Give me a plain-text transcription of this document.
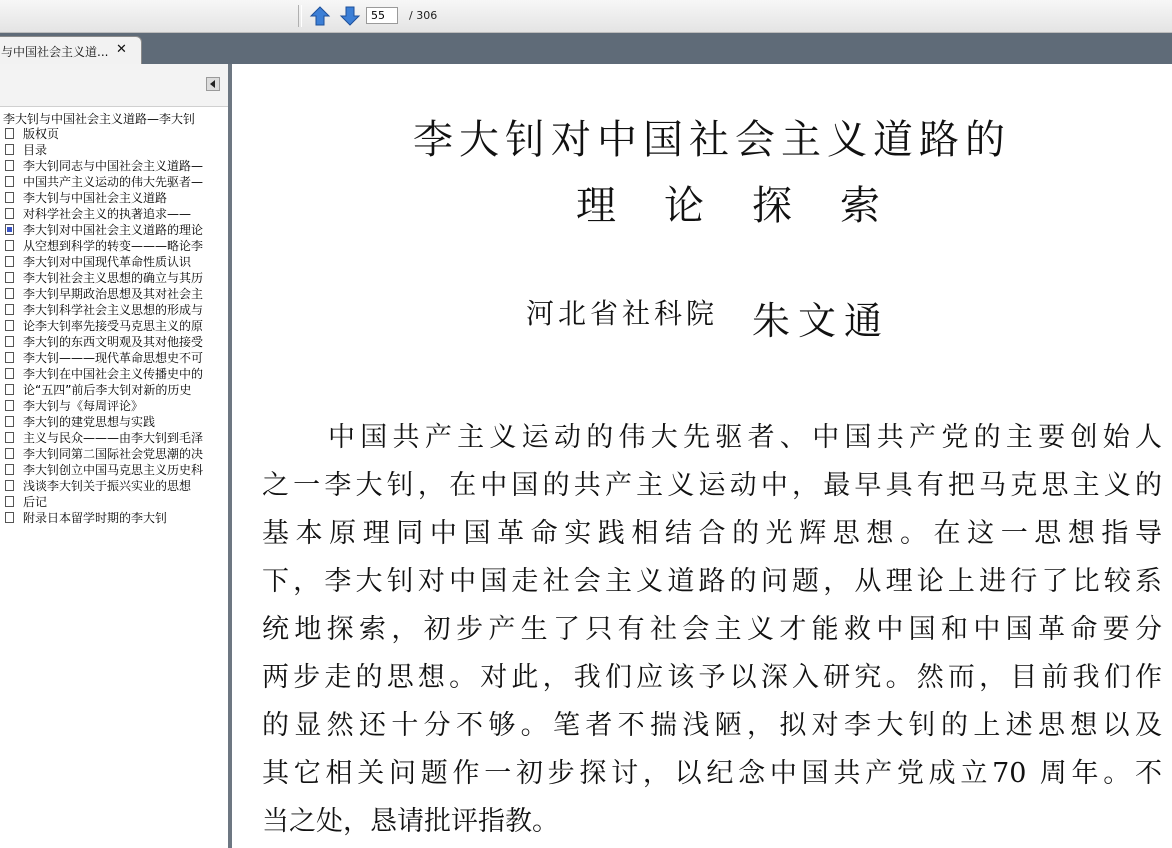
55
/ 306
与中国社会主义道... ✕
李大钊与中国社会主义道路—李大钊
版权页
目录
李大钊同志与中国社会主义道路—
中国共产主义运动的伟大先驱者—
李大钊与中国社会主义道路
对科学社会主义的执著追求——
李大钊对中国社会主义道路的理论
从空想到科学的转变———略论李
李大钊对中国现代革命性质认识
李大钊社会主义思想的确立与其历
李大钊早期政治思想及其对社会主
李大钊科学社会主义思想的形成与
论李大钊率先接受马克思主义的原
李大钊的东西文明观及其对他接受
李大钊———现代革命思想史不可
李大钊在中国社会主义传播史中的
论“五四”前后李大钊对新的历史
李大钊与《每周评论》
李大钊的建党思想与实践
主义与民众———由李大钊到毛泽
李大钊同第二国际社会党思潮的决
李大钊创立中国马克思主义历史科
浅谈李大钊关于振兴实业的思想
后记
附录日本留学时期的李大钊
李大钊对中国社会主义道路的
理论探索
河北省社科院 朱文通
中国共产主义运动的伟大先驱者、中国共产党的主要创始人
之一李大钊，在中国的共产主义运动中，最早具有把马克思主义的
基本原理同中国革命实践相结合的光辉思想。在这一思想指导
下，李大钊对中国走社会主义道路的问题，从理论上进行了比较系
统地探索，初步产生了只有社会主义才能救中国和中国革命要分
两步走的思想。对此，我们应该予以深入研究。然而，目前我们作
的显然还十分不够。笔者不揣浅陋，拟对李大钊的上述思想以及
其它相关问题作一初步探讨，以纪念中国共产党成立70 周年。不
当之处，恳请批评指教。
